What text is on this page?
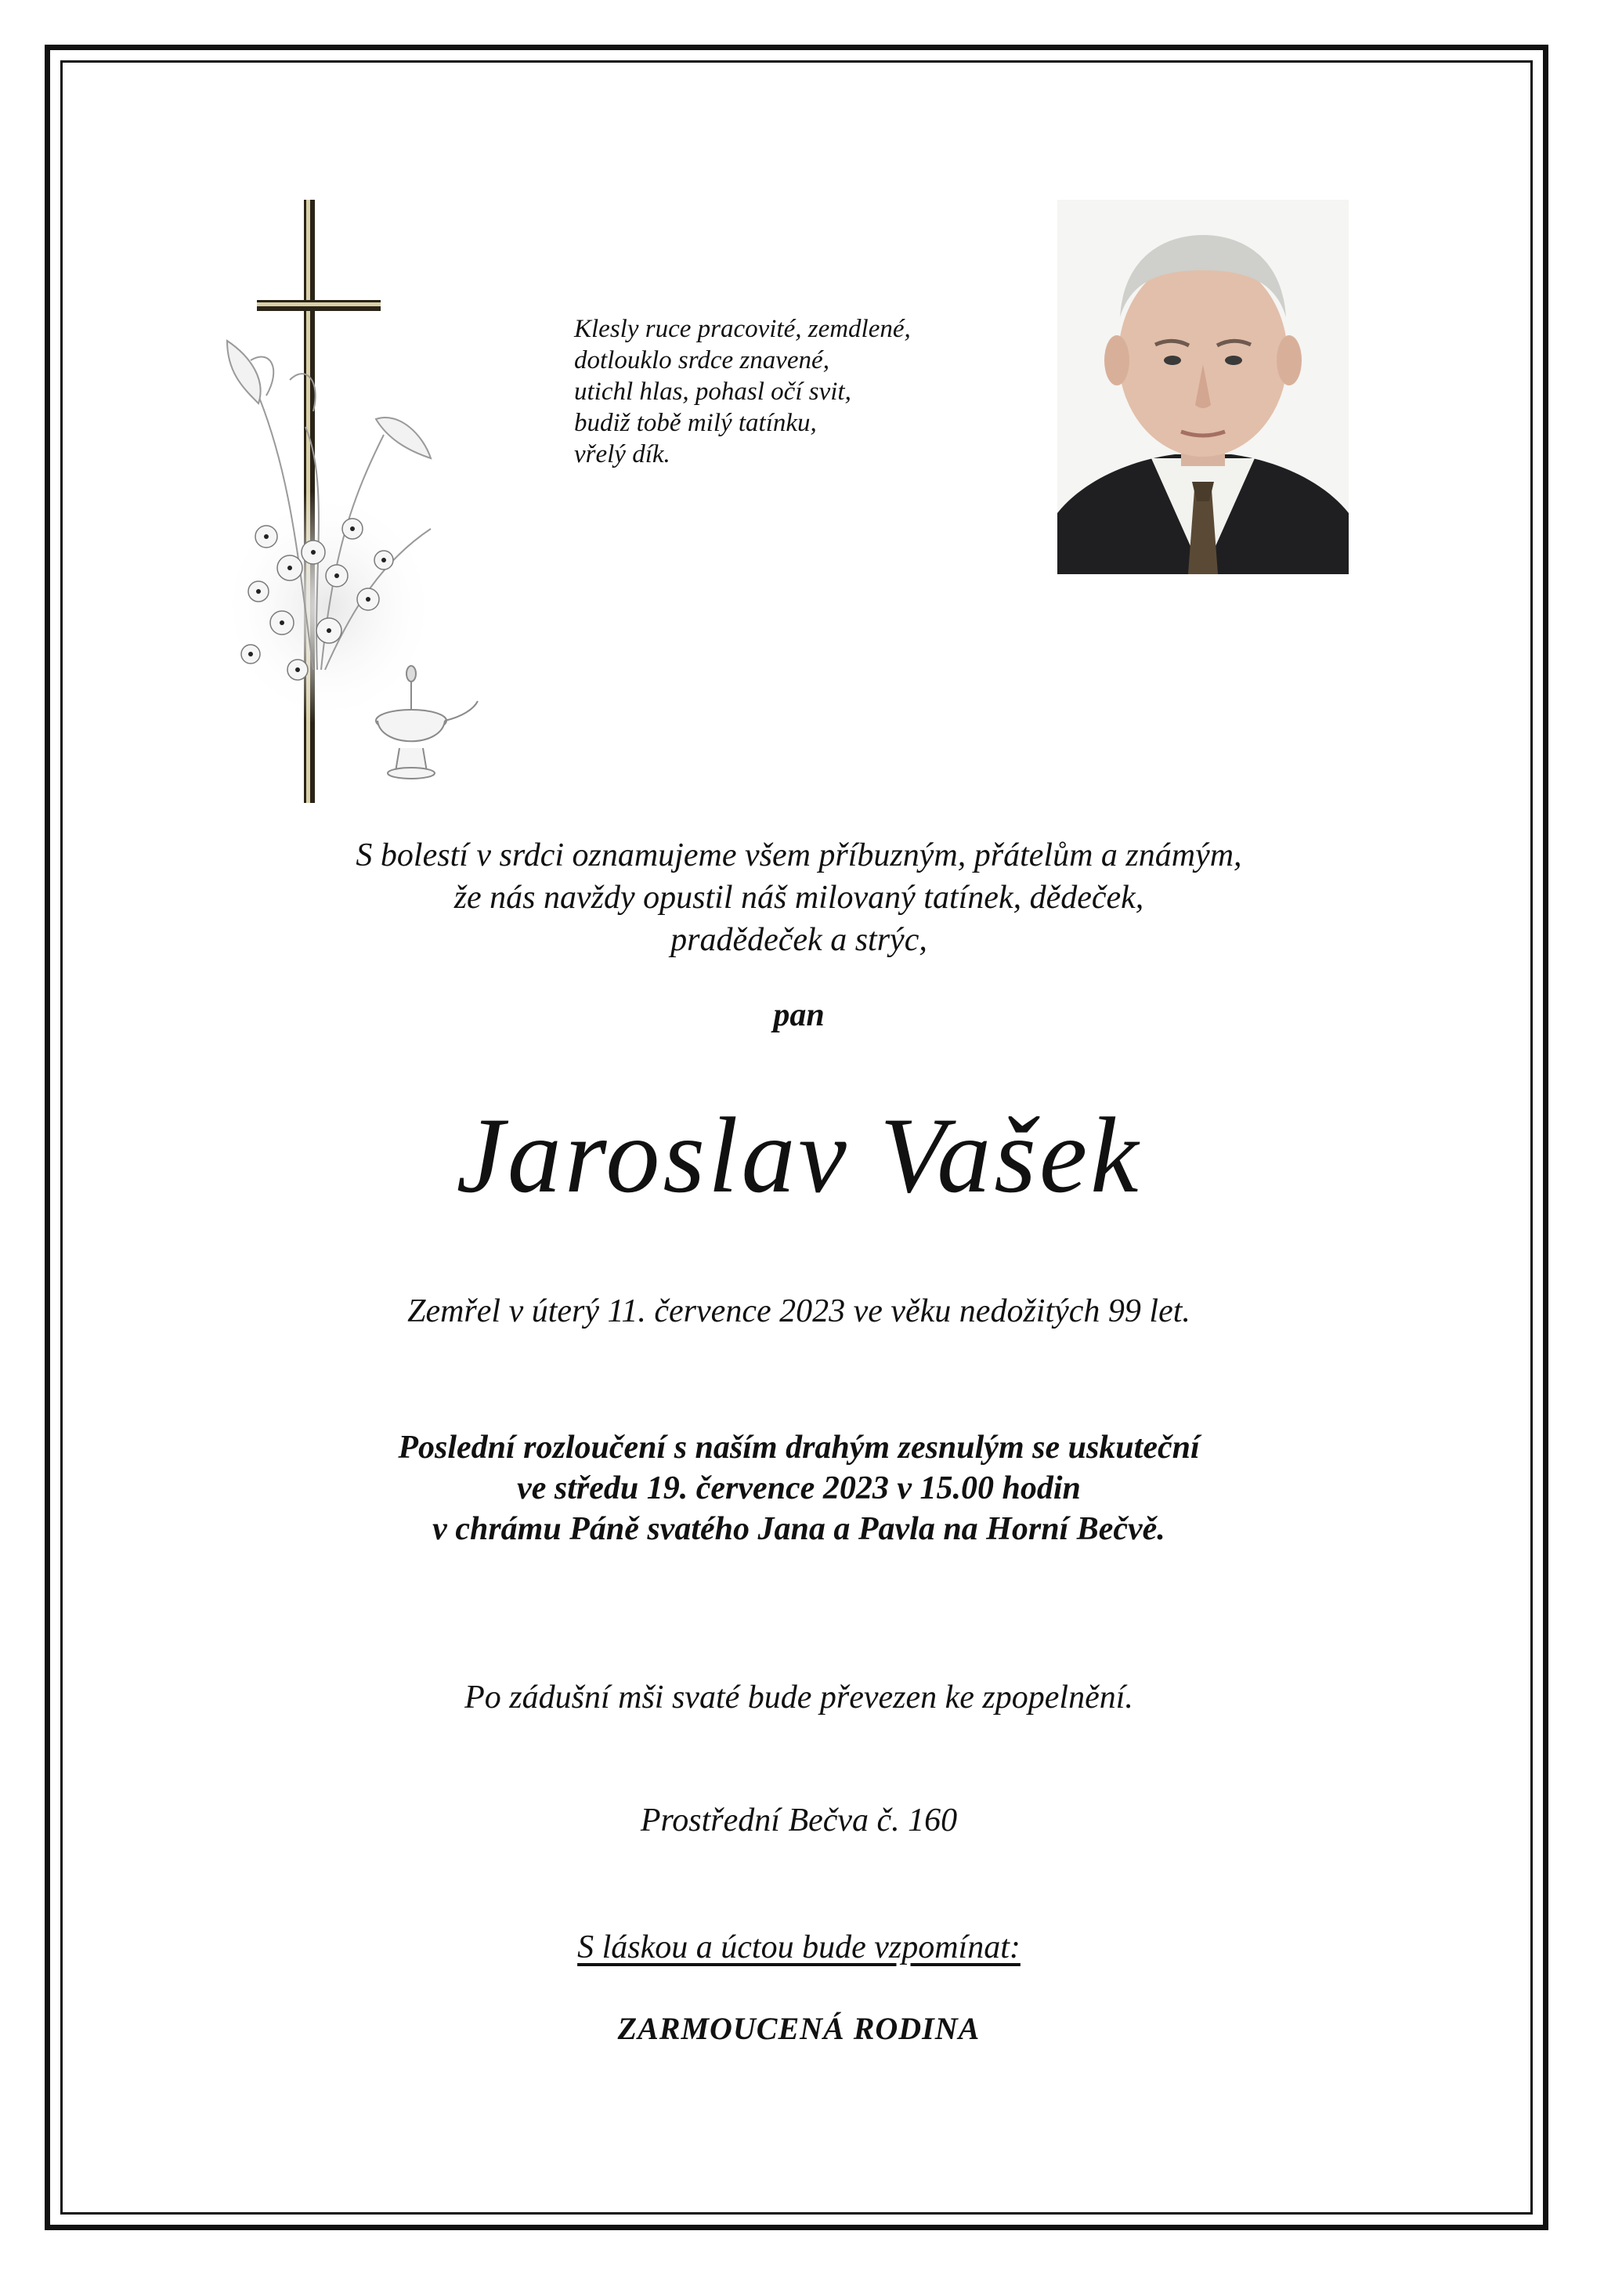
Klesly ruce pracovité, zemdlené,
dotlouklo srdce znavené,
utichl hlas, pohasl očí svit,
budiž tobě milý tatínku,
vřelý dík.
S bolestí v srdci oznamujeme všem příbuzným, přátelům a známým,
že nás navždy opustil náš milovaný tatínek, dědeček,
pradědeček a strýc,
pan
Jaroslav Vašek
Zemřel v úterý 11. července 2023 ve věku nedožitých 99 let.
Poslední rozloučení s naším drahým zesnulým se uskuteční
ve středu 19. července 2023 v 15.00 hodin
v chrámu Páně svatého Jana a Pavla na Horní Bečvě.
Po zádušní mši svaté bude převezen ke zpopelnění.
Prostřední Bečva č. 160
S láskou a úctou bude vzpomínat:
ZARMOUCENÁ RODINA
